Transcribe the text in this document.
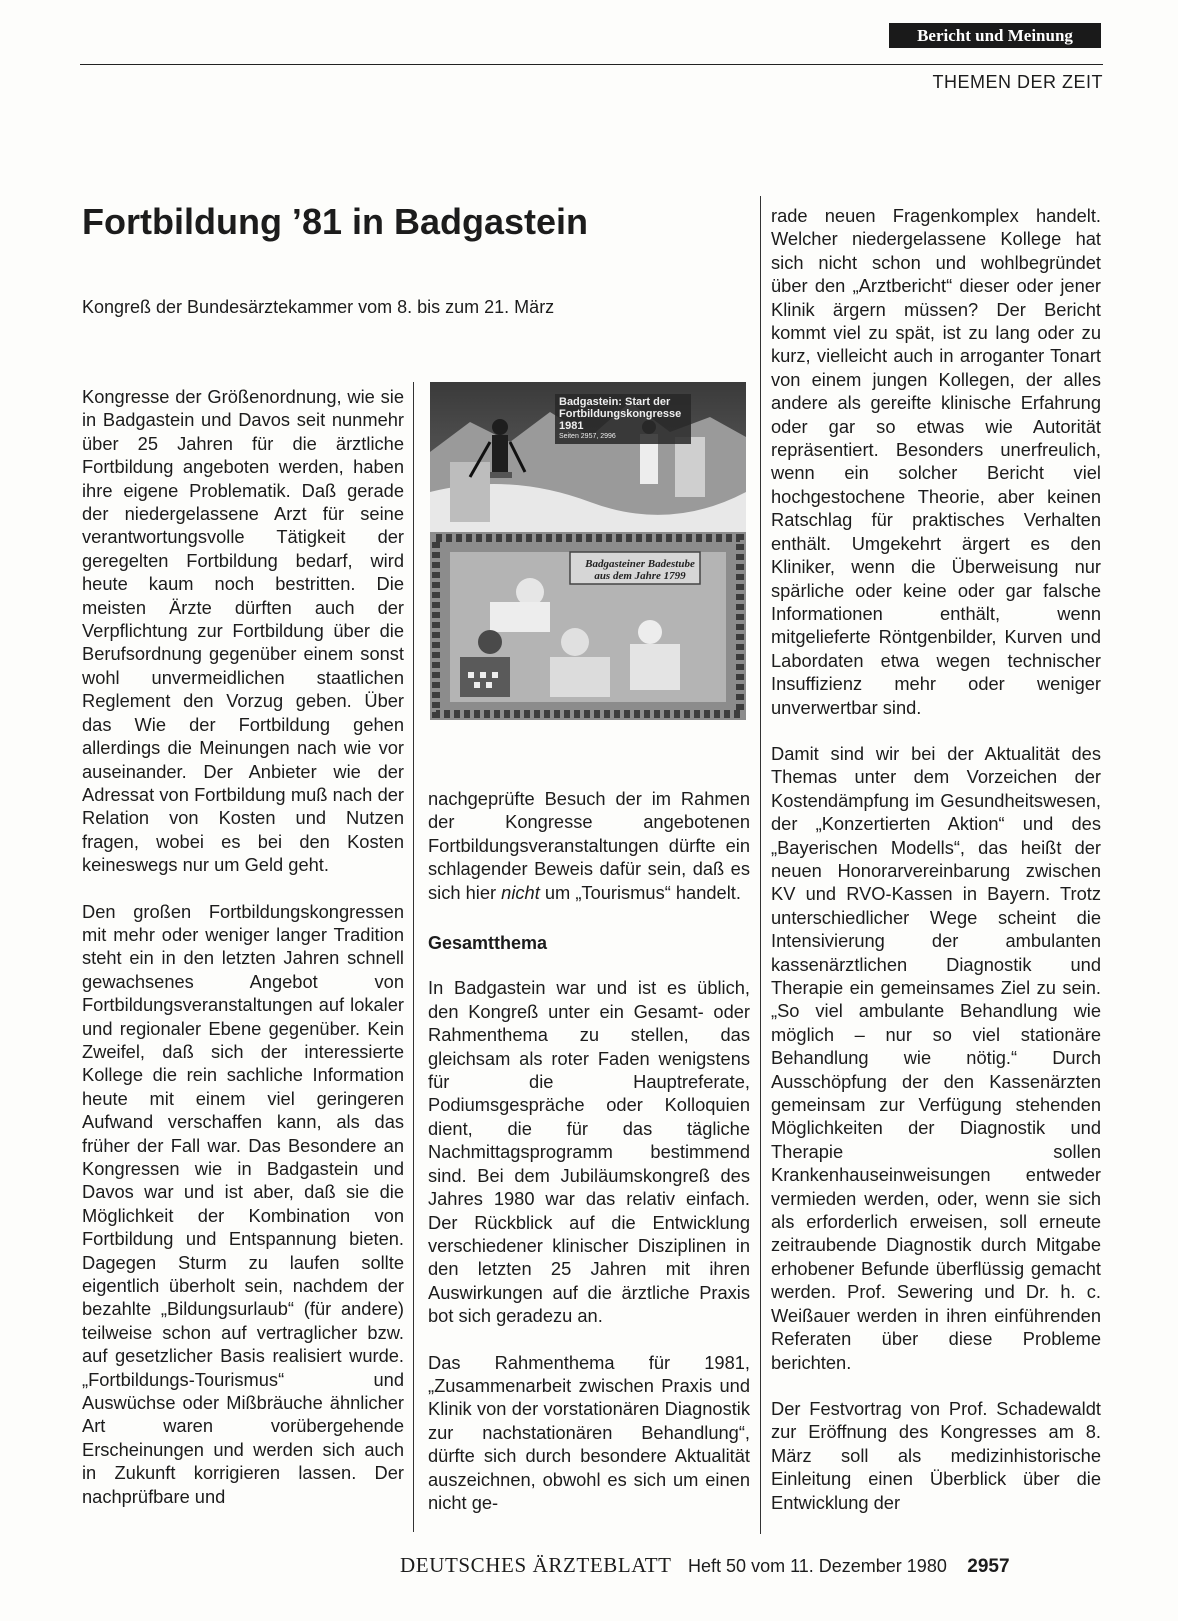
Bericht und Meinung
THEMEN DER ZEIT
Fortbildung ’81 in Badgastein
Kongreß der Bundesärztekammer vom 8. bis zum 21. März

Kongresse der Größenordnung, wie sie in Badgastein und Davos seit nunmehr über 25 Jahren für die ärztliche Fortbildung angeboten werden, haben ihre eigene Problematik. Daß gerade der niedergelassene Arzt für seine verantwortungsvolle Tätigkeit der geregelten Fortbildung bedarf, wird heute kaum noch bestritten. Die meisten Ärzte dürften auch der Verpflichtung zur Fortbildung über die Berufsordnung gegenüber einem sonst wohl unvermeidlichen staatlichen Reglement den Vorzug geben. Über das Wie der Fortbildung gehen allerdings die Meinungen nach wie vor auseinander. Der Anbieter wie der Adressat von Fortbildung muß nach der Relation von Kosten und Nutzen fragen, wobei es bei den Kosten keineswegs nur um Geld geht.

Den großen Fortbildungskongressen mit mehr oder weniger langer Tradition steht ein in den letzten Jahren schnell gewachsenes Angebot von Fortbildungsveranstaltungen auf lokaler und regionaler Ebene gegenüber. Kein Zweifel, daß sich der interessierte Kollege die rein sachliche Information heute mit einem viel geringeren Aufwand verschaffen kann, als das früher der Fall war. Das Besondere an Kongressen wie in Badgastein und Davos war und ist aber, daß sie die Möglichkeit der Kombination von Fortbildung und Entspannung bieten. Dagegen Sturm zu laufen sollte eigentlich überholt sein, nachdem der bezahlte „Bildungsurlaub“ (für andere) teilweise schon auf vertraglicher bzw. auf gesetzlicher Basis realisiert wurde. „Fortbildungs-Tourismus“ und Auswüchse oder Mißbräuche ähnlicher Art waren vorübergehende Erscheinungen und werden sich auch in Zukunft korrigieren lassen. Der nachprüfbare und

Badgastein: Start der
Fortbildungskongresse 1981
Seiten 2957, 2996
Badgasteiner Badestube
aus dem Jahre 1799

nachgeprüfte Besuch der im Rahmen der Kongresse angebotenen Fortbildungsveranstaltungen dürfte ein schlagender Beweis dafür sein, daß es sich hier nicht um „Tourismus“ handelt.

Gesamtthema

In Badgastein war und ist es üblich, den Kongreß unter ein Gesamt- oder Rahmenthema zu stellen, das gleichsam als roter Faden wenigstens für die Hauptreferate, Podiumsgespräche oder Kolloquien dient, die für das tägliche Nachmittagsprogramm bestimmend sind. Bei dem Jubiläumskongreß des Jahres 1980 war das relativ einfach. Der Rückblick auf die Entwicklung verschiedener klinischer Disziplinen in den letzten 25 Jahren mit ihren Auswirkungen auf die ärztliche Praxis bot sich geradezu an.

Das Rahmenthema für 1981, „Zusammenarbeit zwischen Praxis und Klinik von der vorstationären Diagnostik zur nachstationären Behandlung“, dürfte sich durch besondere Aktualität auszeichnen, obwohl es sich um einen nicht ge-

rade neuen Fragenkomplex handelt. Welcher niedergelassene Kollege hat sich nicht schon und wohlbegründet über den „Arztbericht“ dieser oder jener Klinik ärgern müssen? Der Bericht kommt viel zu spät, ist zu lang oder zu kurz, vielleicht auch in arroganter Tonart von einem jungen Kollegen, der alles andere als gereifte klinische Erfahrung oder gar so etwas wie Autorität repräsentiert. Besonders unerfreulich, wenn ein solcher Bericht viel hochgestochene Theorie, aber keinen Ratschlag für praktisches Verhalten enthält. Umgekehrt ärgert es den Kliniker, wenn die Überweisung nur spärliche oder keine oder gar falsche Informationen enthält, wenn mitgelieferte Röntgenbilder, Kurven und Labordaten etwa wegen technischer Insuffizienz mehr oder weniger unverwertbar sind.

Damit sind wir bei der Aktualität des Themas unter dem Vorzeichen der Kostendämpfung im Gesundheitswesen, der „Konzertierten Aktion“ und des „Bayerischen Modells“, das heißt der neuen Honorarvereinbarung zwischen KV und RVO-Kassen in Bayern. Trotz unterschiedlicher Wege scheint die Intensivierung der ambulanten kassenärztlichen Diagnostik und Therapie ein gemeinsames Ziel zu sein. „So viel ambulante Behandlung wie möglich – nur so viel stationäre Behandlung wie nötig.“ Durch Ausschöpfung der den Kassenärzten gemeinsam zur Verfügung stehenden Möglichkeiten der Diagnostik und Therapie sollen Krankenhauseinweisungen entweder vermieden werden, oder, wenn sie sich als erforderlich erweisen, soll erneute zeitraubende Diagnostik durch Mitgabe erhobener Befunde überflüssig gemacht werden. Prof. Sewering und Dr. h. c. Weißauer werden in ihren einführenden Referaten über diese Probleme berichten.

Der Festvortrag von Prof. Schadewaldt zur Eröffnung des Kongresses am 8. März soll als medizinhistorische Einleitung einen Überblick über die Entwicklung der

DEUTSCHES ÄRZTEBLATT Heft 50 vom 11. Dezember 1980 2957
